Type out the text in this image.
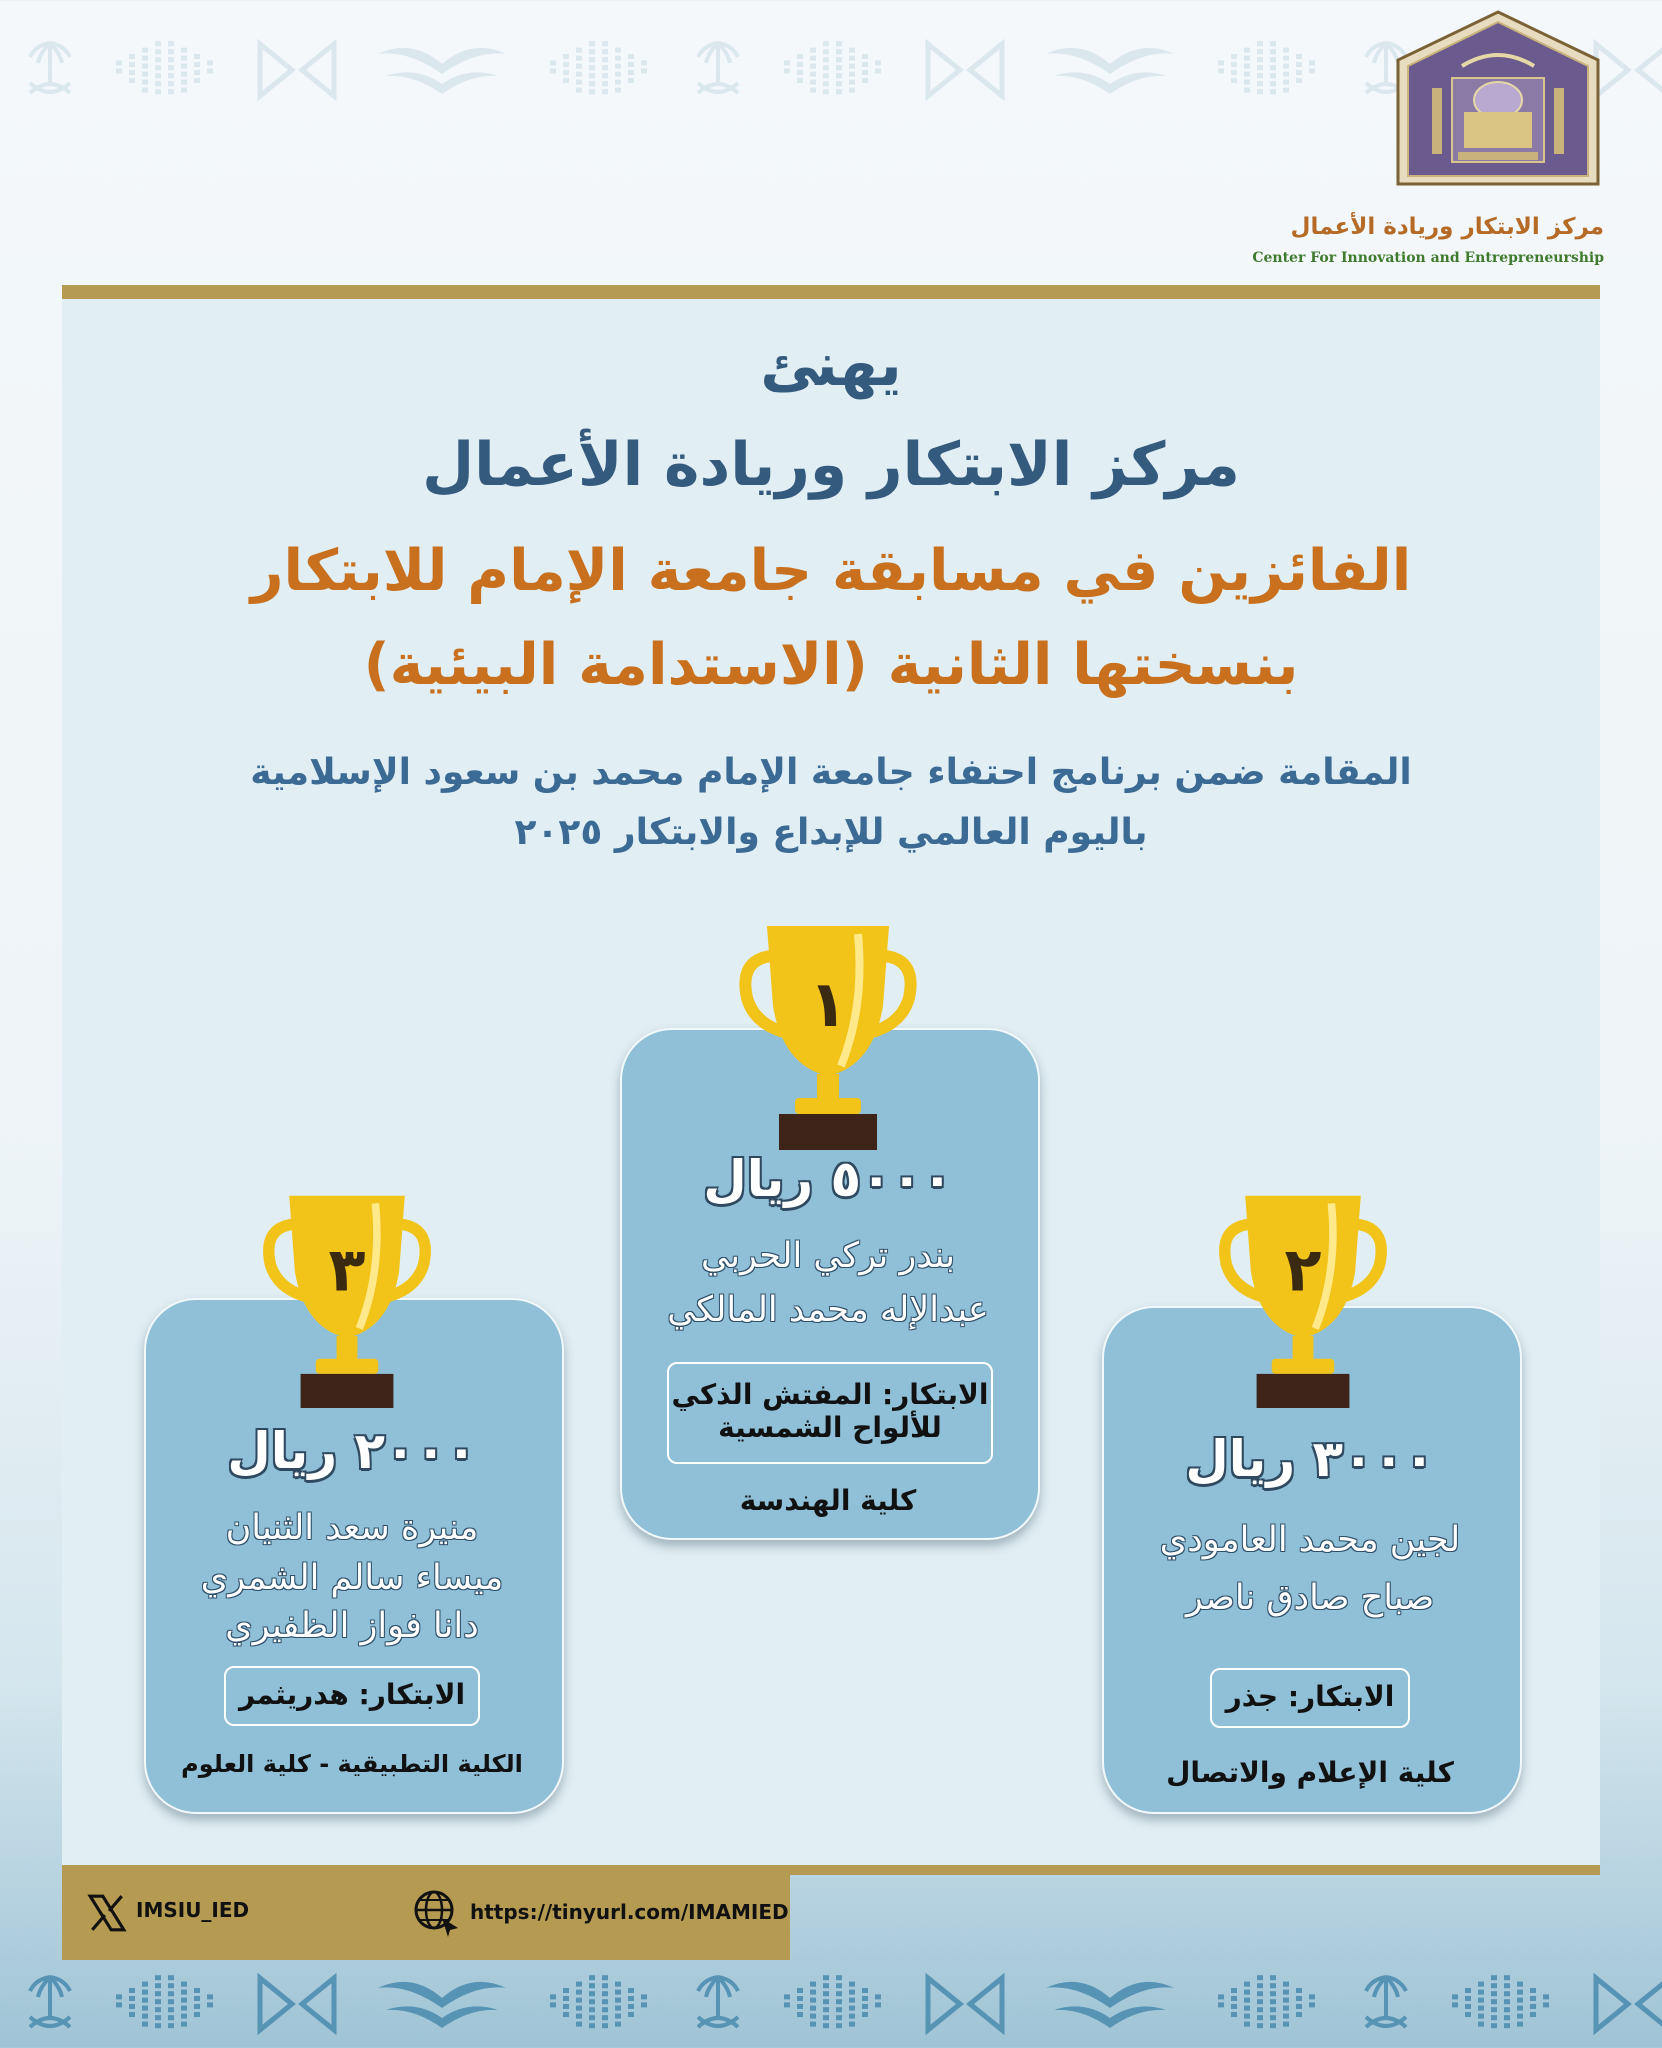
مركز الابتكار وريادة الأعمال
Center For Innovation and Entrepreneurship
يهنئ
مركز الابتكار وريادة الأعمال
الفائزين في مسابقة جامعة الإمام للابتكار
بنسختها الثانية (الاستدامة البيئية)
المقامة ضمن برنامج احتفاء جامعة الإمام محمد بن سعود الإسلامية
باليوم العالمي للإبداع والابتكار ٢٠٢٥
١
٥٠٠٠ ريال
بندر تركي الحربي
عبدالإله محمد المالكي
الابتكار: المفتش الذكي
للألواح الشمسية
كلية الهندسة
٢
٣٠٠٠ ريال
لجين محمد العامودي
صباح صادق ناصر
الابتكار: جذر
كلية الإعلام والاتصال
٣
٢٠٠٠ ريال
منيرة سعد الثنيان
ميساء سالم الشمري
دانا فواز الظفيري
الابتكار: هدريثمر
الكلية التطبيقية - كلية العلوم
IMSIU_IED	https://tinyurl.com/IMAMIED
